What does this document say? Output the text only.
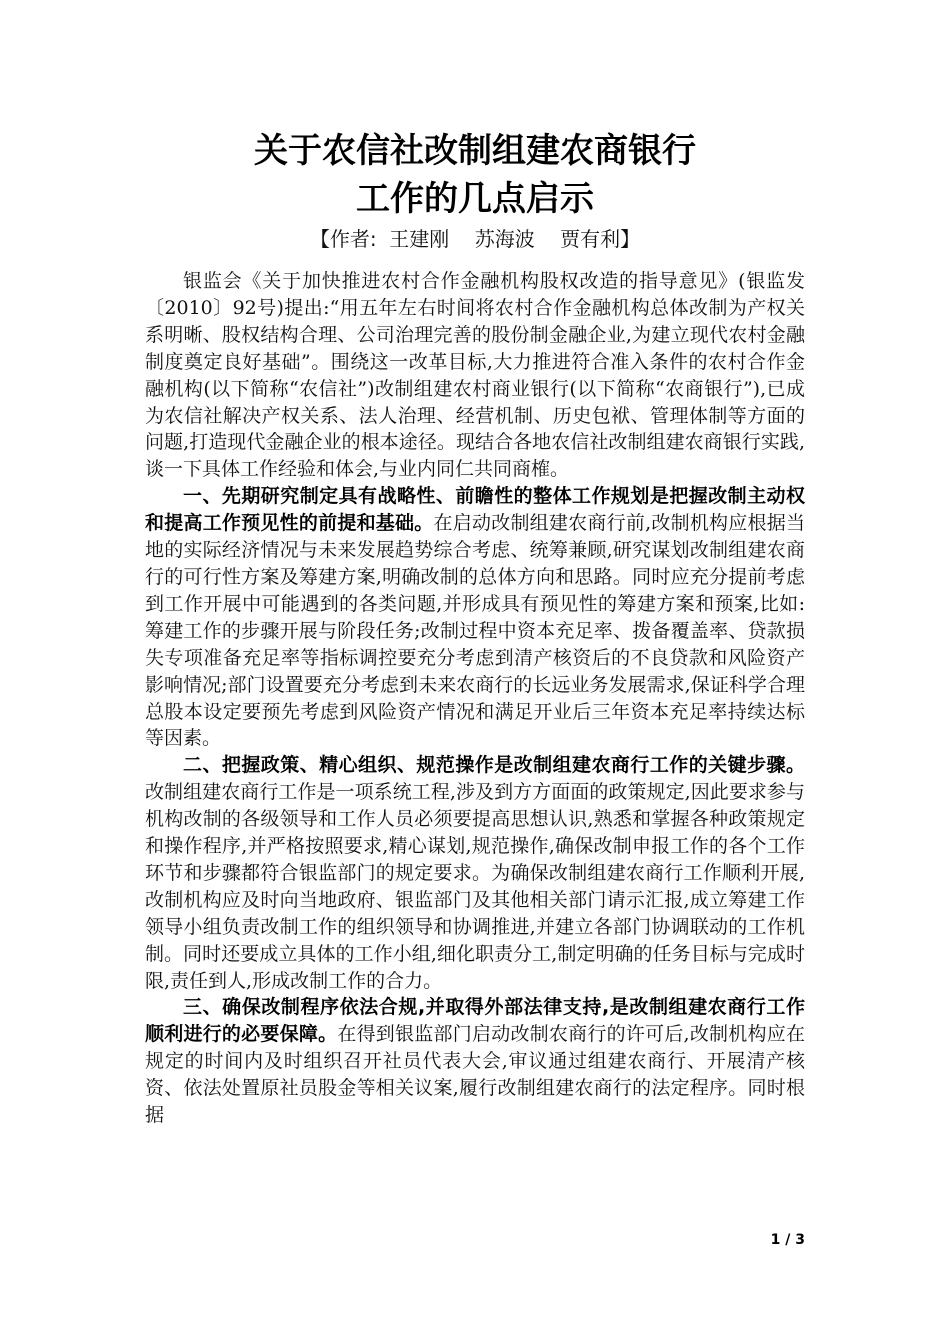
关于农信社改制组建农商银行
工作的几点启示
【作者:  王建刚    苏海波    贾有利】

银监会《关于加快推进农村合作金融机构股权改造的指导意见》(银监发〔2010〕92号)提出:“用五年左右时间将农村合作金融机构总体改制为产权关系明晰、股权结构合理、公司治理完善的股份制金融企业,为建立现代农村金融制度奠定良好基础”。围绕这一改革目标,大力推进符合准入条件的农村合作金融机构(以下简称“农信社”)改制组建农村商业银行(以下简称“农商银行”),已成为农信社解决产权关系、法人治理、经营机制、历史包袱、管理体制等方面的问题,打造现代金融企业的根本途径。现结合各地农信社改制组建农商银行实践,谈一下具体工作经验和体会,与业内同仁共同商榷。

一、先期研究制定具有战略性、前瞻性的整体工作规划是把握改制主动权和提高工作预见性的前提和基础。在启动改制组建农商行前,改制机构应根据当地的实际经济情况与未来发展趋势综合考虑、统筹兼顾,研究谋划改制组建农商行的可行性方案及筹建方案,明确改制的总体方向和思路。同时应充分提前考虑到工作开展中可能遇到的各类问题,并形成具有预见性的筹建方案和预案,比如:筹建工作的步骤开展与阶段任务;改制过程中资本充足率、拨备覆盖率、贷款损失专项准备充足率等指标调控要充分考虑到清产核资后的不良贷款和风险资产影响情况;部门设置要充分考虑到未来农商行的长远业务发展需求,保证科学合理总股本设定要预先考虑到风险资产情况和满足开业后三年资本充足率持续达标等因素。

二、把握政策、精心组织、规范操作是改制组建农商行工作的关键步骤。改制组建农商行工作是一项系统工程,涉及到方方面面的政策规定,因此要求参与机构改制的各级领导和工作人员必须要提高思想认识,熟悉和掌握各种政策规定和操作程序,并严格按照要求,精心谋划,规范操作,确保改制申报工作的各个工作环节和步骤都符合银监部门的规定要求。为确保改制组建农商行工作顺利开展,改制机构应及时向当地政府、银监部门及其他相关部门请示汇报,成立筹建工作领导小组负责改制工作的组织领导和协调推进,并建立各部门协调联动的工作机制。同时还要成立具体的工作小组,细化职责分工,制定明确的任务目标与完成时限,责任到人,形成改制工作的合力。

三、确保改制程序依法合规,并取得外部法律支持,是改制组建农商行工作顺利进行的必要保障。在得到银监部门启动改制农商行的许可后,改制机构应在规定的时间内及时组织召开社员代表大会,审议通过组建农商行、开展清产核资、依法处置原社员股金等相关议案,履行改制组建农商行的法定程序。同时根据

1 / 3
